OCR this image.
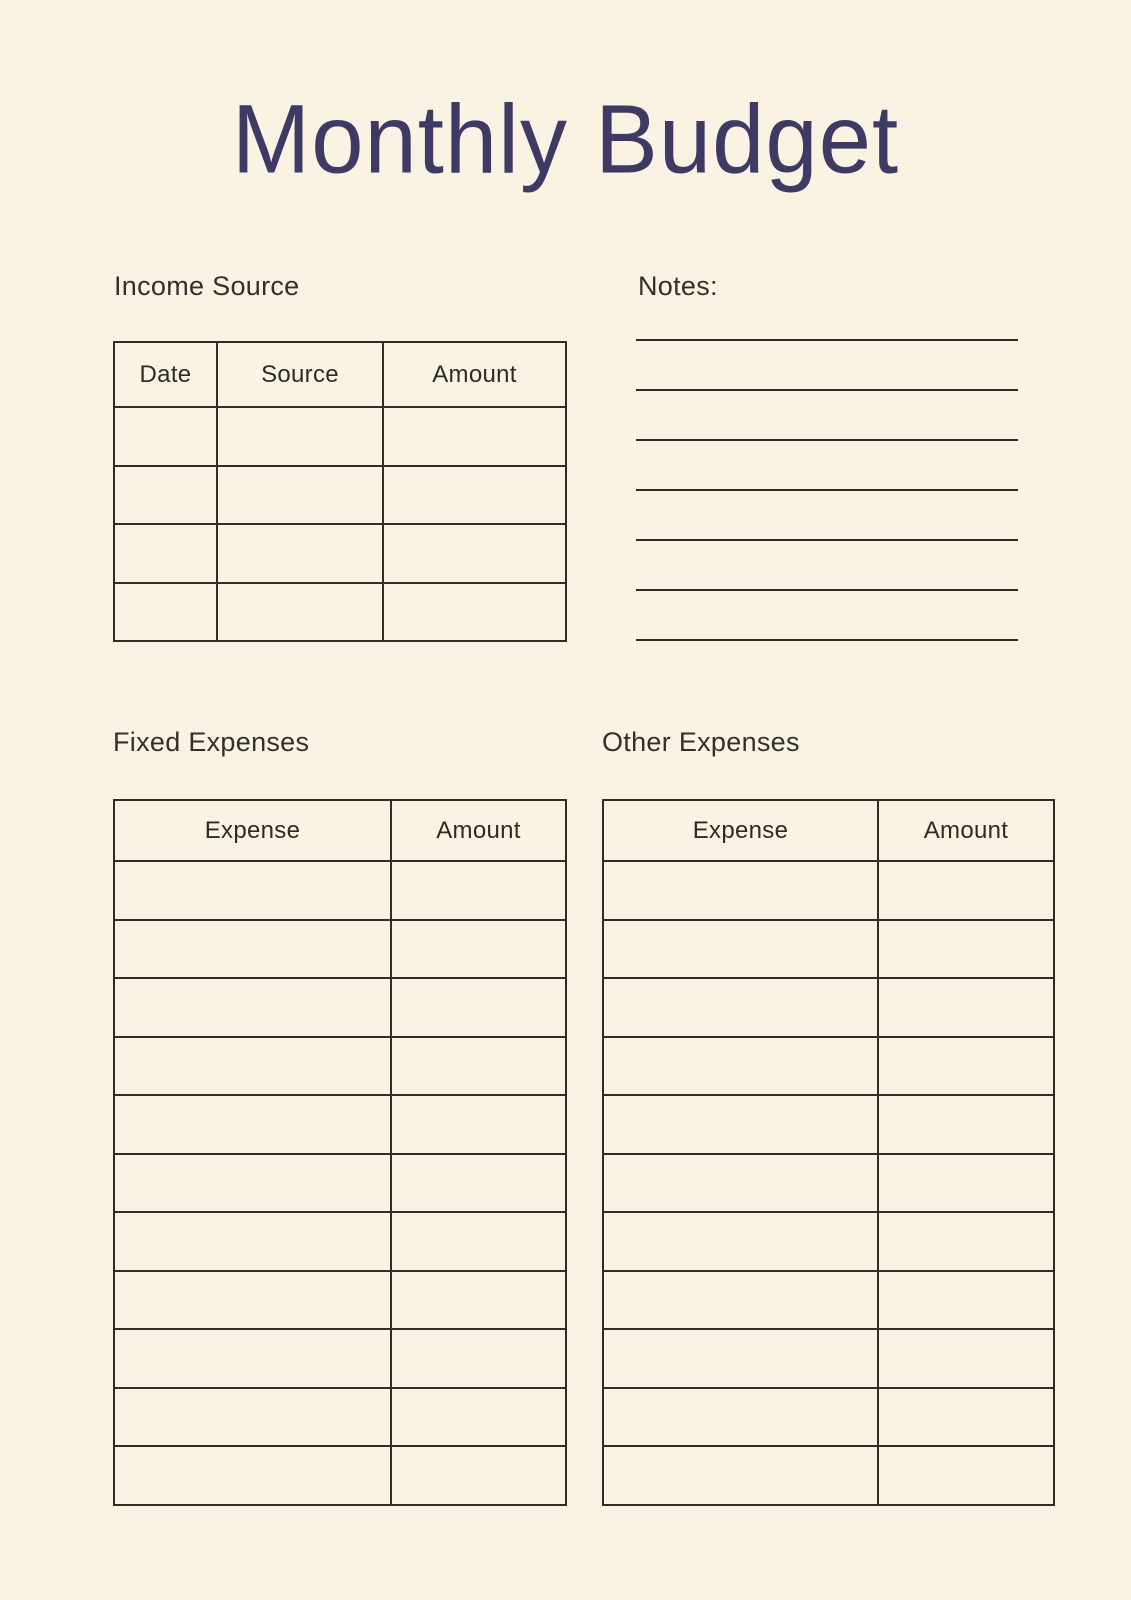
Monthly Budget
Income Source
Date	Source	Amount

Notes:
Fixed Expenses
Expense	Amount

Other Expenses
Expense	Amount
